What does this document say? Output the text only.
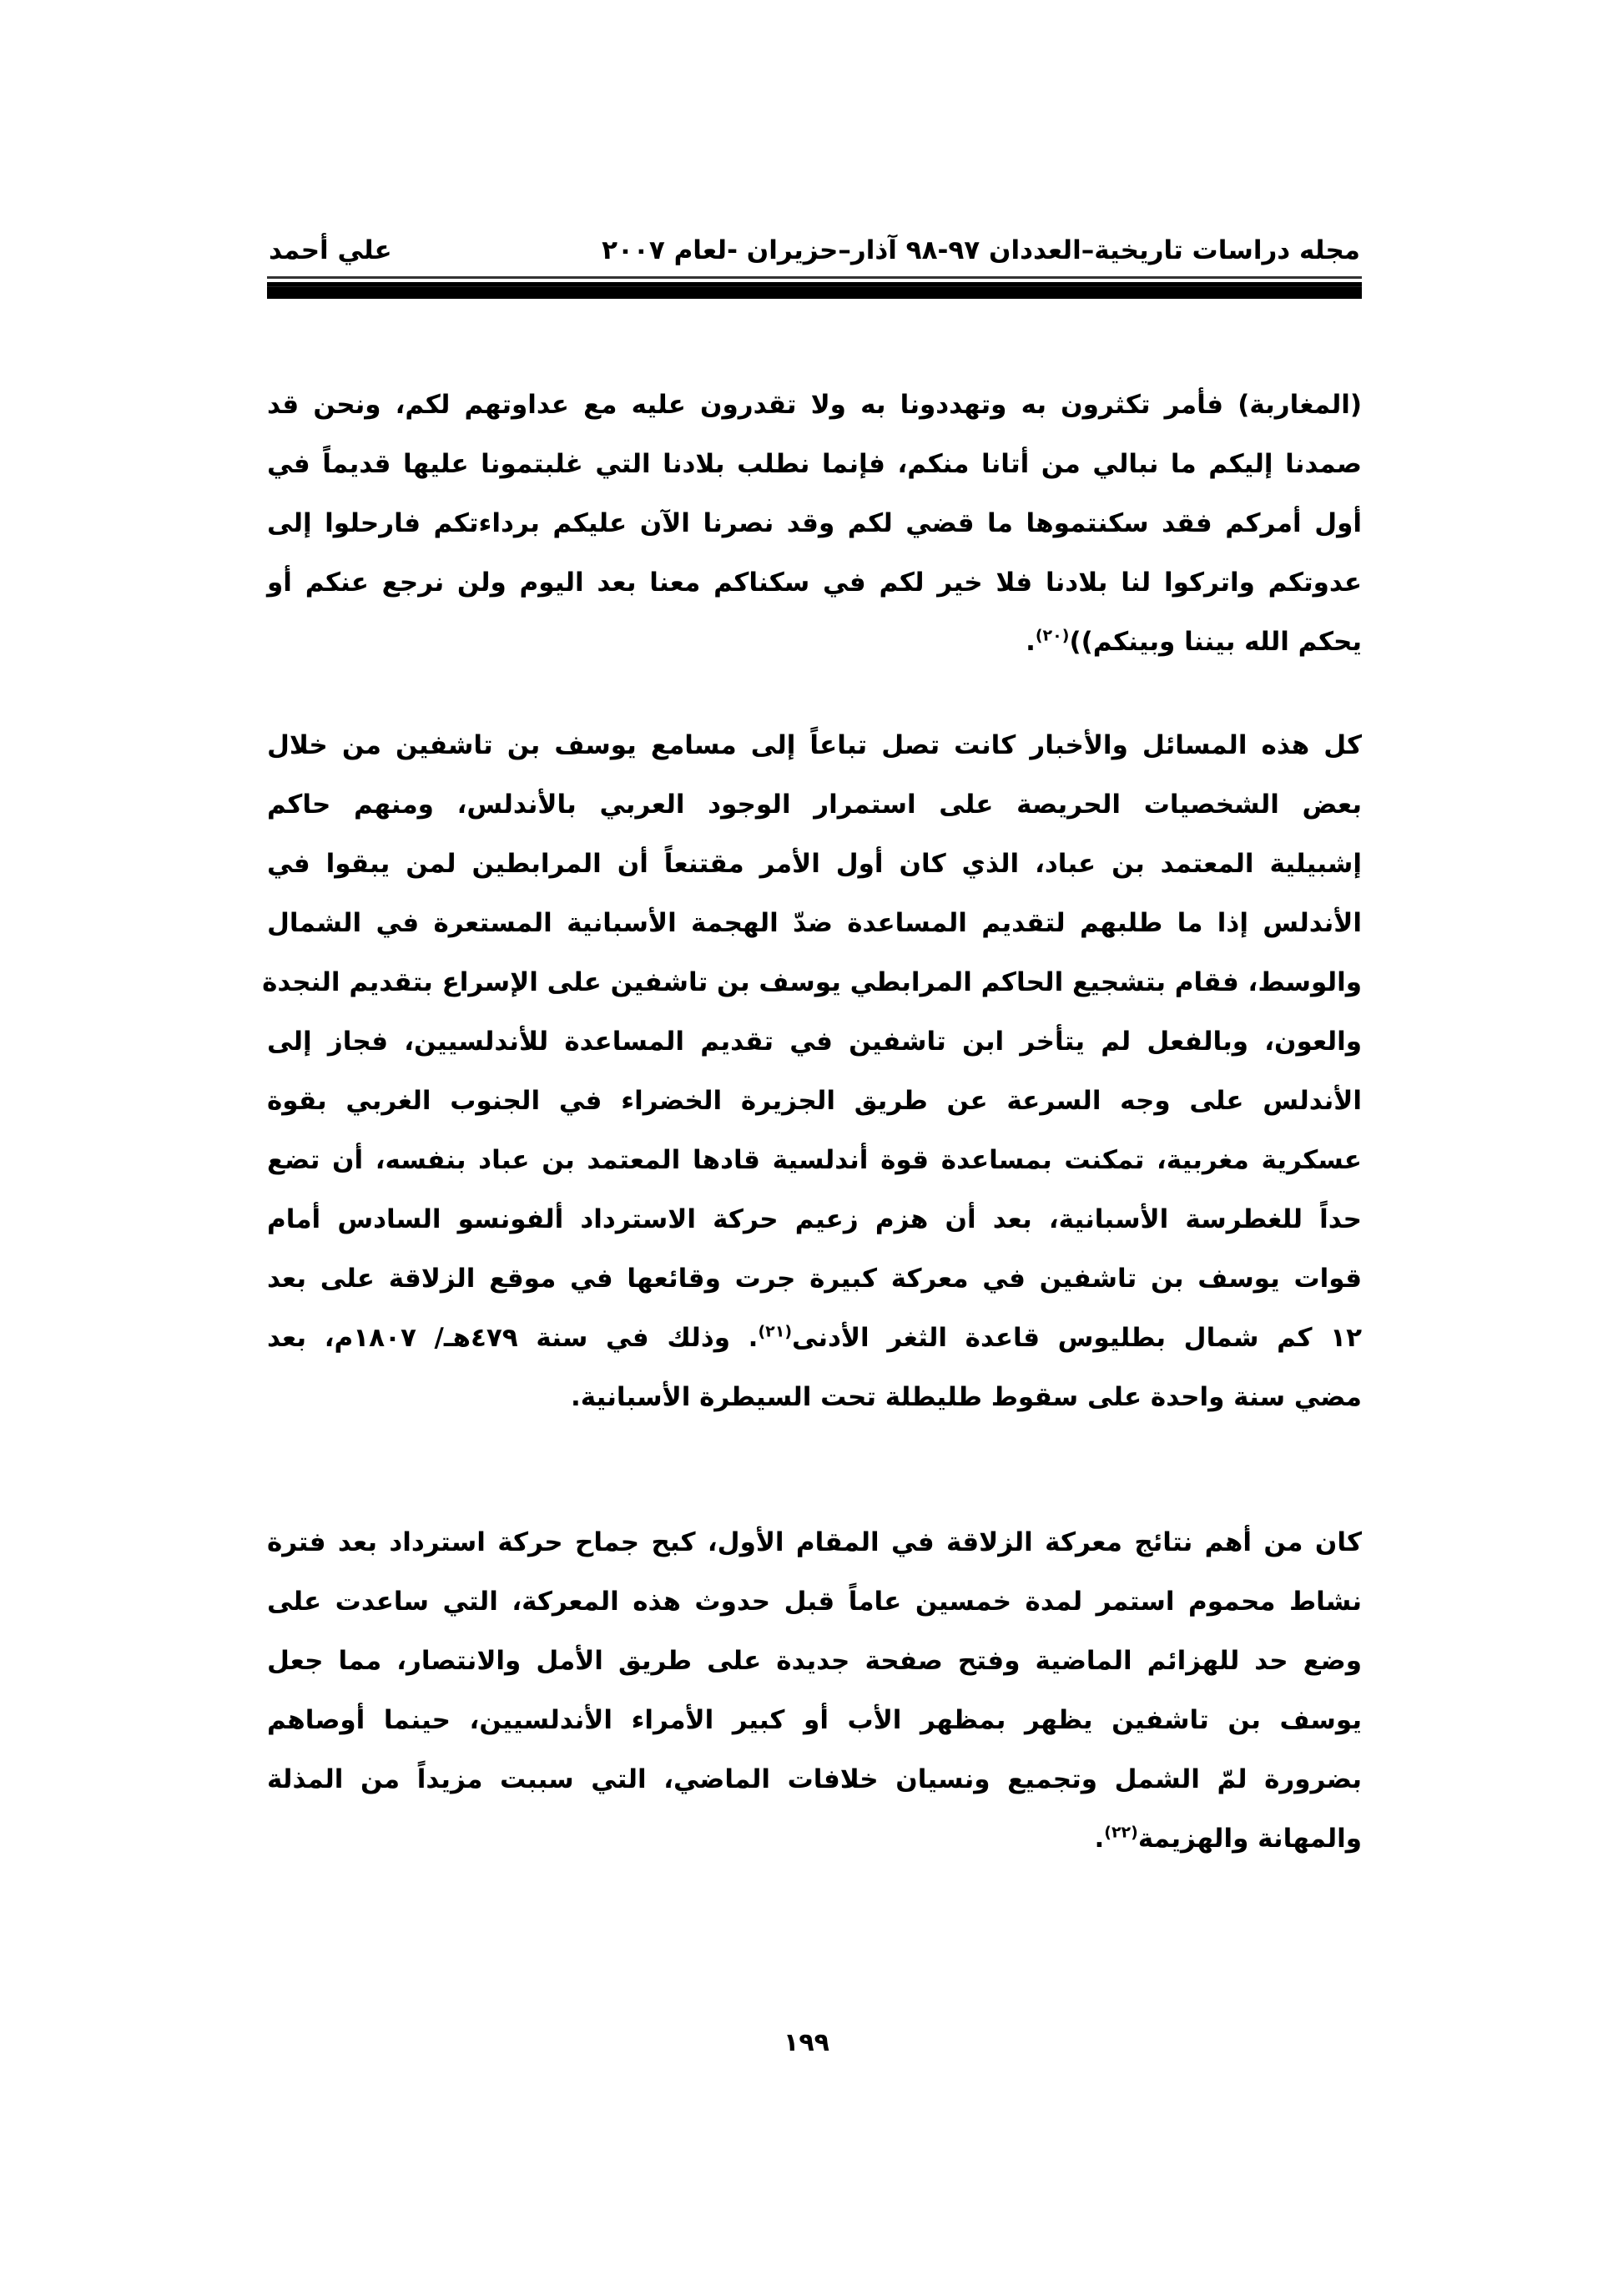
مجله دراسات تاريخية–العددان ٩٧-٩٨ آذار–حزيران -لعام ٢٠٠٧
علي أحمد
(المغاربة) فأمر تكثرون به وتهددونا به ولا تقدرون عليه مع عداوتهم لكم، ونحن قد
صمدنا إليكم ما نبالي من أتانا منكم، فإنما نطلب بلادنا التي غلبتمونا عليها قديماً في
أول أمركم فقد سكنتموها ما قضي لكم وقد نصرنا الآن عليكم برداءتكم فارحلوا إلى
عدوتكم واتركوا لنا بلادنا فلا خير لكم في سكناكم معنا بعد اليوم ولن نرجع عنكم أو
يحكم الله بيننا وبينكم))$^{(٢٠)}$.
كل هذه المسائل والأخبار كانت تصل تباعاً إلى مسامع يوسف بن تاشفين من خلال
بعض الشخصيات الحريصة على استمرار الوجود العربي بالأندلس، ومنهم حاكم
إشبيلية المعتمد بن عباد، الذي كان أول الأمر مقتنعاً أن المرابطين لمن يبقوا في
الأندلس إذا ما طلبهم لتقديم المساعدة ضدّ الهجمة الأسبانية المستعرة في الشمال
والوسط، فقام بتشجيع الحاكم المرابطي يوسف بن تاشفين على الإسراع بتقديم النجدة
والعون، وبالفعل لم يتأخر ابن تاشفين في تقديم المساعدة للأندلسيين، فجاز إلى
الأندلس على وجه السرعة عن طريق الجزيرة الخضراء في الجنوب الغربي بقوة
عسكرية مغربية، تمكنت بمساعدة قوة أندلسية قادها المعتمد بن عباد بنفسه، أن تضع
حداً للغطرسة الأسبانية، بعد أن هزم زعيم حركة الاسترداد ألفونسو السادس أمام
قوات يوسف بن تاشفين في معركة كبيرة جرت وقائعها في موقع الزلاقة على بعد
١٢ كم شمال بطليوس قاعدة الثغر الأدنى$^{(٢١)}$. وذلك في سنة ٤٧٩هـ/ ١٨٠٧م، بعد
مضي سنة واحدة على سقوط طليطلة تحت السيطرة الأسبانية.
كان من أهم نتائج معركة الزلاقة في المقام الأول، كبح جماح حركة استرداد بعد فترة
نشاط محموم استمر لمدة خمسين عاماً قبل حدوث هذه المعركة، التي ساعدت على
وضع حد للهزائم الماضية وفتح صفحة جديدة على طريق الأمل والانتصار، مما جعل
يوسف بن تاشفين يظهر بمظهر الأب أو كبير الأمراء الأندلسيين، حينما أوصاهم
بضرورة لمّ الشمل وتجميع ونسيان خلافات الماضي، التي سببت مزيداً من المذلة
والمهانة والهزيمة$^{(٢٢)}$.
١٩٩
